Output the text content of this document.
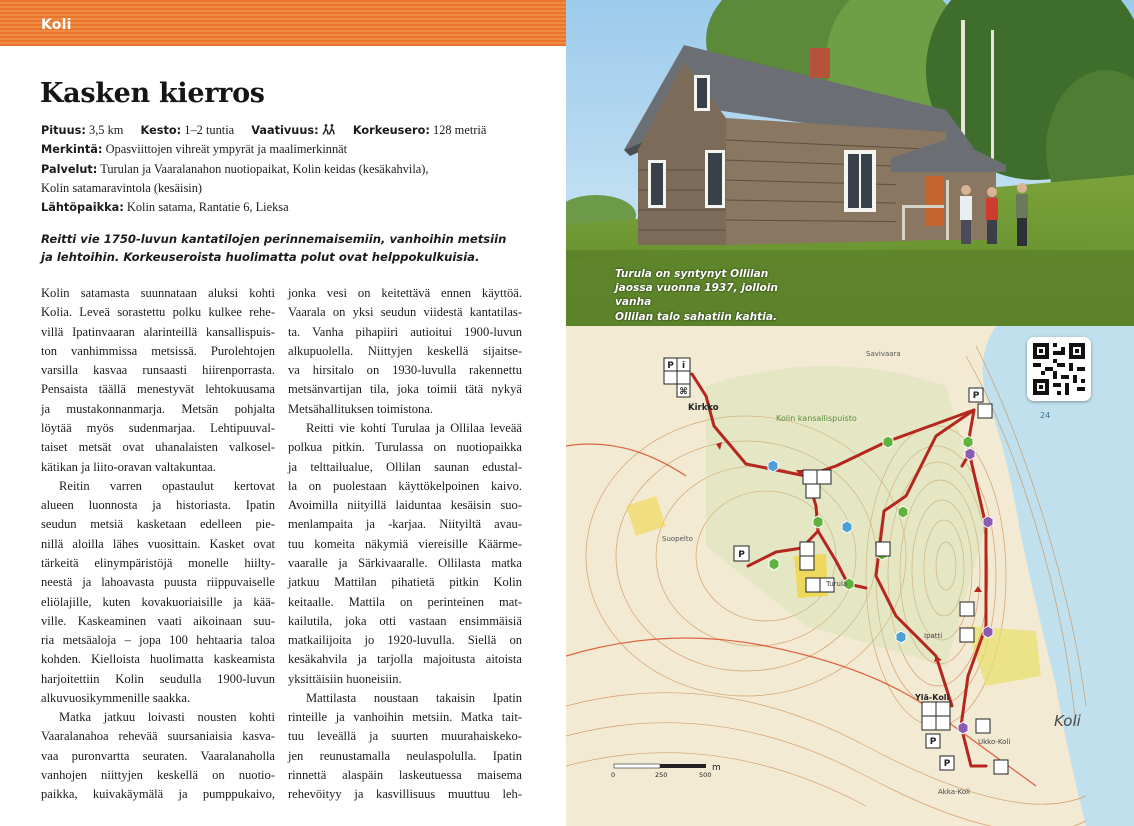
Koli
Kasken kierros
Pituus: 3,5 km Kesto: 1–2 tuntia Vaativuus:	Korkeusero: 128 metriä
Merkintä: Opasviittojen vihreät ympyrät ja maalimerkinnät
Palvelut: Turulan ja Vaaralanahon nuotiopaikat, Kolin keidas (kesäkahvila),
Kolin satamaravintola (kesäisin)
Lähtöpaikka: Kolin satama, Rantatie 6, Lieksa
Reitti vie 1750-luvun kantatilojen perinnemaisemiin, vanhoihin metsiin
ja lehtoihin. Korkeuseroista huolimatta polut ovat helppokulkuisia.
Kolin satamasta suunnataan aluksi kohti
Kolia. Leveä sorastettu polku kulkee rehe-
villä Ipatinvaaran alarinteillä kansallispuis-
ton vanhimmissa metsissä. Purolehtojen
varsilla kasvaa runsaasti hiirenporrasta.
Pensaista täällä menestyvät lehtokuusama
ja mustakonnanmarja. Metsän pohjalta
löytää myös sudenmarjaa. Lehtipuuval-
taiset metsät ovat uhanalaisten valkosel-
kätikan ja liito-oravan valtakuntaa.
Reitin varren opastaulut kertovat
alueen luonnosta ja historiasta. Ipatin
seudun metsiä kasketaan edelleen pie-
nillä aloilla lähes vuosittain. Kasket ovat
tärkeitä elinympäristöjä monelle hiilty-
neestä ja lahoavasta puusta riippuvaiselle
eliölajille, kuten kovakuoriaisille ja kää-
ville. Kaskeaminen vaati aikoinaan suu-
ria metsäaloja – jopa 100 hehtaaria taloa
kohden. Kielloista huolimatta kaskeamista
harjoitettiin Kolin seudulla 1900-luvun
alkuvuosikymmenille saakka.
Matka jatkuu loivasti nousten kohti
Vaaralanahoa rehevää suursaniaisia kasva-
vaa puronvartta seuraten. Vaaralanaholla
vanhojen niittyjen keskellä on nuotio-
paikka, kuivakäymälä ja pumppukaivo,
jonka vesi on keitettävä ennen käyttöä.
Vaarala on yksi seudun viidestä kantatilas-
ta. Vanha pihapiiri autioitui 1900-luvun
alkupuolella. Niittyjen keskellä sijaitse-
va hirsitalo on 1930-luvulla rakennettu
metsänvartijan tila, joka toimii tätä nykyä
Metsähallituksen toimistona.
Reitti vie kohti Turulaa ja Ollilaa leveää
polkua pitkin. Turulassa on nuotiopaikka
ja telttailualue, Ollilan saunan edustal-
la on puolestaan käyttökelpoinen kaivo.
Avoimilla niityillä laiduntaa kesäisin suo-
menlampaita ja -karjaa. Niityiltä avau-
tuu komeita näkymiä viereisille Käärme-
vaaralle ja Särkivaaralle. Ollilasta matka
jatkuu Mattilan pihatietä pitkin Kolin
keitaalle. Mattila on perinteinen mat-
kailutila, joka otti vastaan ensimmäisiä
matkailijoita jo 1920-luvulla. Siellä on
kesäkahvila ja tarjolla majoitusta aitoista
yksittäisiin huoneisiin.
Mattilasta noustaan takaisin Ipatin
rinteille ja vanhoihin metsiin. Matka tait-
tuu leveällä ja suurten muurahaiskeko-
jen reunustamalla neulaspolulla. Ipatin
rinnettä alaspäin laskeutuessa maisema
rehevöityy ja kasvillisuus muuttuu leh-
Turula on syntynyt Ollilan
jaossa vuonna 1937, jolloin vanha
Ollilan talo sahatiin kahtia.
P i
⌘	P
P
P
P
Kirkko
Kolin kansallispuisto
Ipatti
Turula
Ylä-Koli
Koli
Akka-Koli
Ukko-Koli
Savivaara
Suopelto
24
0	250	500
m
